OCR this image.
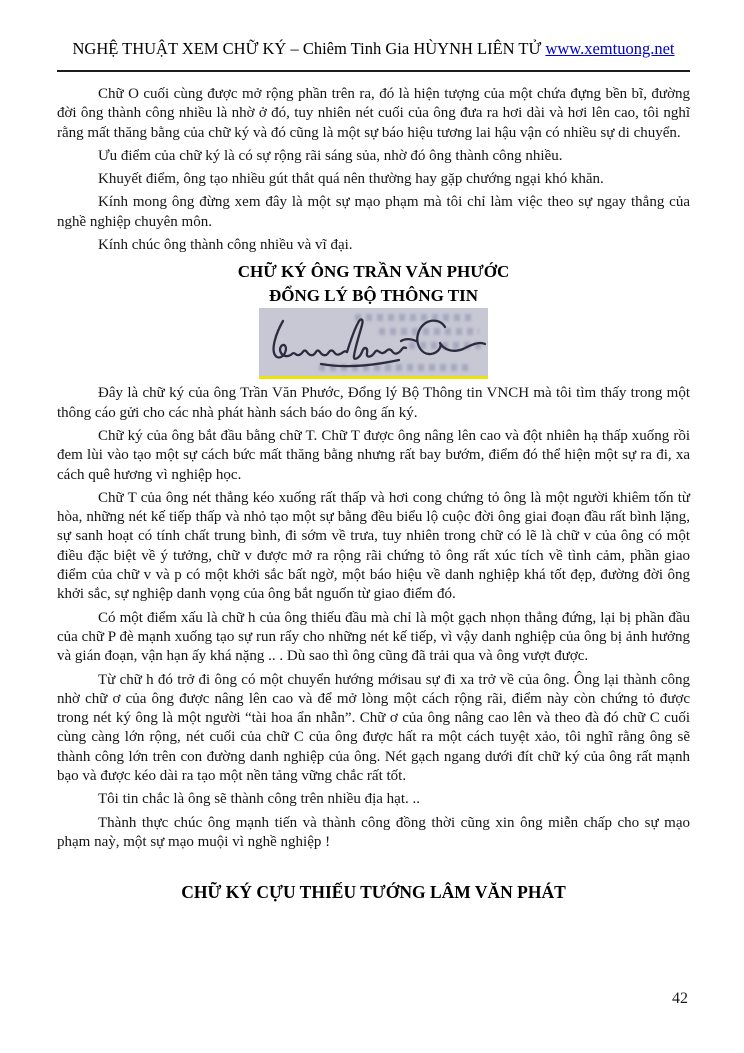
NGHỆ THUẬT XEM CHỮ KÝ – Chiêm Tinh Gia HÙYNH LIÊN TỬ www.xemtuong.net

Chữ O cuối cùng được mở rộng phần trên ra, đó là hiện tượng của một chứa đựng bền bĩ, đường đời ông thành công nhiều là nhờ ở đó, tuy nhiên nét cuối của ông đưa ra hơi dài và hơi lên cao, tôi nghĩ rằng mất thăng bằng của chữ ký và đó cũng là một sự báo hiệu tương lai hậu vận có nhiều sự di chuyển.

Ưu điểm của chữ ký là có sự rộng rãi sáng sủa, nhờ đó ông thành công nhiều.

Khuyết điểm, ông tạo nhiều gút thắt quá nên thường hay gặp chướng ngại khó khăn.

Kính mong ông đừng xem đây là một sự mạo phạm mà tôi chỉ làm việc theo sự ngay thẳng của nghề nghiệp chuyên môn.

Kính chúc ông thành công nhiều và vĩ đại.

CHỮ KÝ ÔNG TRẦN VĂN PHƯỚC
ĐỔNG LÝ BỘ THÔNG TIN

Đây là chữ ký của ông Trần Văn Phước, Đổng lý Bộ Thông tin VNCH mà tôi tìm thấy trong một thông cáo gửi cho các nhà phát hành sách báo do ông ấn ký.

Chữ ký của ông bắt đầu bằng chữ T. Chữ T được ông nâng lên cao và đột nhiên hạ thấp xuống rồi đem lùi vào tạo một sự cách bức mất thăng bằng nhưng rất bay bướm, điểm đó thể hiện một sự ra đi, xa cách quê hương vì nghiệp học.

Chữ T của ông nét thẳng kéo xuống rất thấp và hơi cong chứng tỏ ông là một người khiêm tốn từ hòa, những nét kế tiếp thấp và nhỏ tạo một sự bằng đều biểu lộ cuộc đời ông giai đoạn đầu rất bình lặng, sự sanh hoạt có tính chất trung bình, đi sớm về trưa, tuy nhiên trong chữ có lẽ là chữ v của ông có một điều đặc biệt về ý tưởng, chữ v được mở ra rộng rãi chứng tỏ ông rất xúc tích về tình cảm, phần giao điểm của chữ v và p có một khởi sắc bất ngờ, một báo hiệu về danh nghiệp khá tốt đẹp, đường đời ông khởi sắc, sự nghiệp danh vọng của ông bắt nguốn từ giao điểm đó.

Có một điểm xấu là chữ h của ông thiếu đầu mà chỉ là một gạch nhọn thẳng đứng, lại bị phần đầu của chữ P đè mạnh xuống tạo sự run rẩy cho những nét kế tiếp, vì vậy danh nghiệp của ông bị ảnh hưởng và gián đoạn, vận hạn ấy khá nặng .. . Dù sao thì ông cũng đã trải qua và ông vượt được.

Từ chữ h đó trở đi ông có một chuyển hướng mớisau sự đi xa trở về của ông. Ông lại thành công nhờ chữ ơ của ông được nâng lên cao và để mở lòng một cách rộng rãi, điểm này còn chứng tỏ được trong nét ký ông là một người “tài hoa ẩn nhẫn”. Chữ ơ của ông nâng cao lên và theo đà đó chữ C cuối cùng càng lớn rộng, nét cuối của chữ C của ông được hất ra một cách tuyệt xảo, tôi nghĩ rằng ông sẽ thành công lớn trên con đường danh nghiệp của ông. Nét gạch ngang dưới đít chữ ký của ông rất mạnh bạo và được kéo dài ra tạo một nền tảng vững chắc rất tốt.

Tôi tin chắc là ông sẽ thành công trên nhiều địa hạt. ..

Thành thực chúc ông mạnh tiến và thành công đồng thời cũng xin ông miễn chấp cho sự mạo phạm naỳ, một sự mạo muội vì nghề nghiệp !

CHỮ KÝ CỰU THIẾU TƯỚNG LÂM VĂN PHÁT
42
